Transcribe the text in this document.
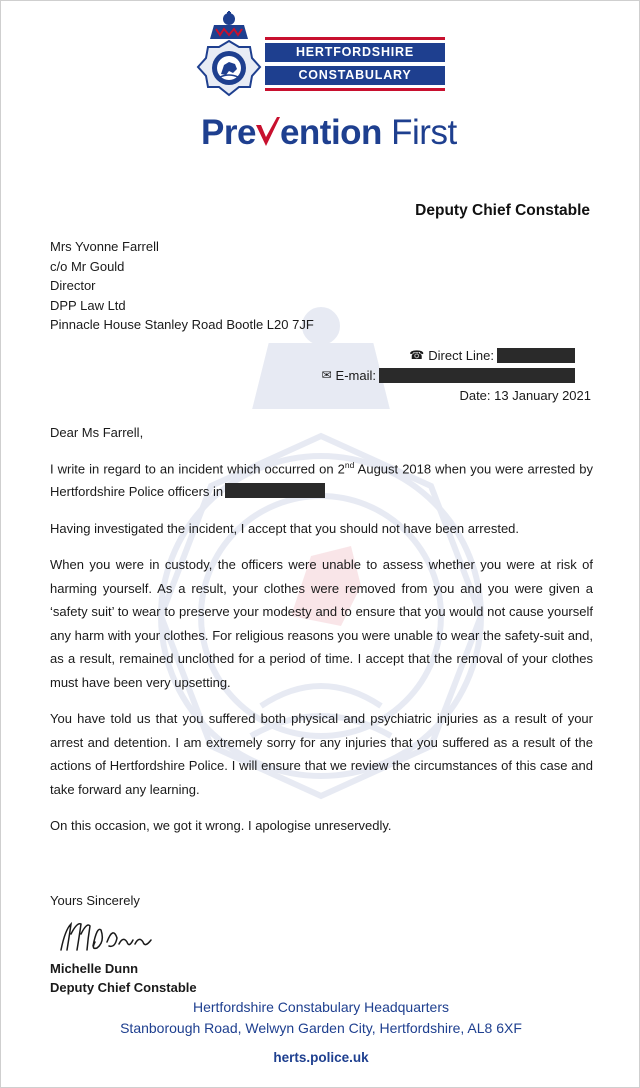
HERTFORDSHIRE
CONSTABULARY
Pre ention First
Deputy Chief Constable
Mrs Yvonne Farrell
c/o Mr Gould
Director
DPP Law Ltd
Pinnacle House Stanley Road Bootle L20 7JF
☎ Direct Line:
✉ E-mail:
Date: 13 January 2021

Dear Ms Farrell,

I write in regard to an incident which occurred on 2nd August 2018 when you were arrested by Hertfordshire Police officers in

Having investigated the incident, I accept that you should not have been arrested.

When you were in custody, the officers were unable to assess whether you were at risk of harming yourself. As a result, your clothes were removed from you and you were given a ‘safety suit’ to wear to preserve your modesty and to ensure that you would not cause yourself any harm with your clothes. For religious reasons you were unable to wear the safety-suit and, as a result, remained unclothed for a period of time. I accept that the removal of your clothes must have been very upsetting.

You have told us that you suffered both physical and psychiatric injuries as a result of your arrest and detention. I am extremely sorry for any injuries that you suffered as a result of the actions of Hertfordshire Police. I will ensure that we review the circumstances of this case and take forward any learning.

On this occasion, we got it wrong. I apologise unreservedly.

Yours Sincerely
Michelle Dunn
Deputy Chief Constable
Hertfordshire Constabulary Headquarters
Stanborough Road, Welwyn Garden City, Hertfordshire, AL8 6XF
herts.police.uk
